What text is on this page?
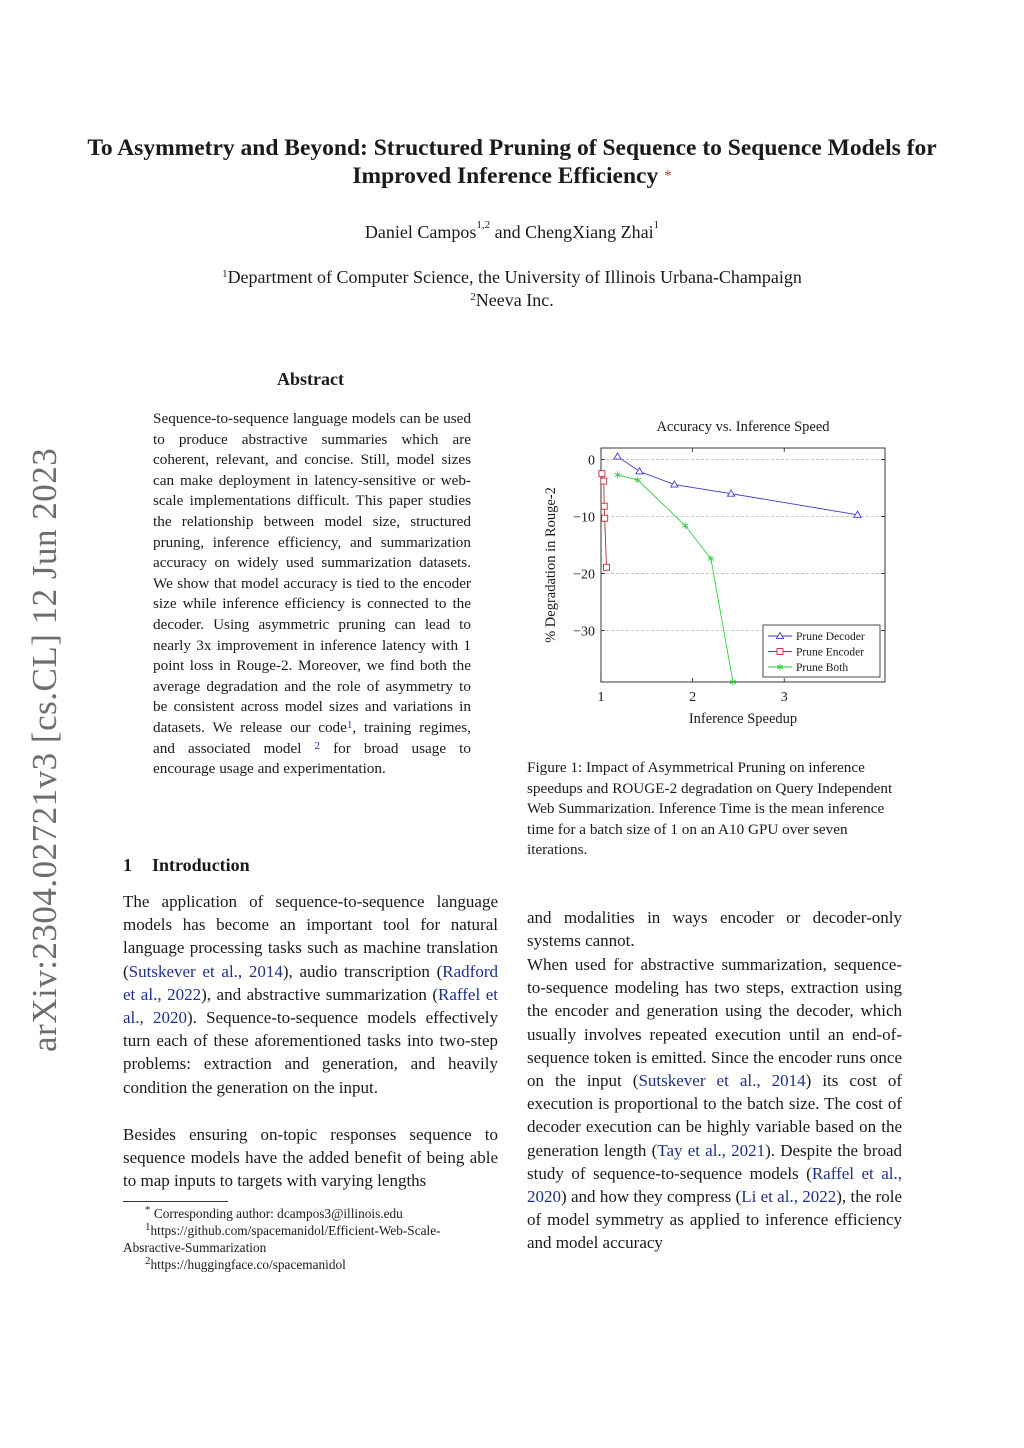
To Asymmetry and Beyond: Structured Pruning of Sequence to Sequence Models for Improved Inference Efficiency *
Daniel Campos$^{1,2}$ and ChengXiang Zhai$^1$
$^1$Department of Computer Science, the University of Illinois Urbana-Champaign
$^2$Neeva Inc.
arXiv:2304.02721v3 [cs.CL] 12 Jun 2023
Abstract
Sequence-to-sequence language models can be used to produce abstractive summaries which are coherent, relevant, and concise. Still, model sizes can make deployment in latency-sensitive or web-scale implementations difficult. This paper studies the relationship between model size, structured pruning, inference efficiency, and summarization accuracy on widely used summarization datasets. We show that model accuracy is tied to the encoder size while inference efficiency is connected to the decoder. Using asymmetric pruning can lead to nearly 3x improvement in inference latency with 1 point loss in Rouge-2. Moreover, we find both the average degradation and the role of asymmetry to be consistent across model sizes and variations in datasets. We release our code$^1$, training regimes, and associated model $^2$ for broad usage to encourage usage and experimentation.
1 Introduction
The application of sequence-to-sequence language models has become an important tool for natural language processing tasks such as machine translation (Sutskever et al., 2014), audio transcription (Radford et al., 2022), and abstractive summarization (Raffel et al., 2020). Sequence-to-sequence models effectively turn each of these aforementioned tasks into two-step problems: extraction and generation, and heavily condition the generation on the input.
Besides ensuring on-topic responses sequence to sequence models have the added benefit of being able to map inputs to targets with varying lengths
* Corresponding author: dcampos3@illinois.edu
$^1$https://github.com/spacemanidol/Efficient-Web-Scale-Absractive-Summarization
$^2$https://huggingface.co/spacemanidol
Accuracy vs. Inference Speed
% Degradation in Rouge-2
Inference Speedup
0
−10
−20
−30
1	2	3
Prune Decoder
Prune Encoder
Prune Both
Figure 1: Impact of Asymmetrical Pruning on inference speedups and ROUGE-2 degradation on Query Independent Web Summarization. Inference Time is the mean inference time for a batch size of 1 on an A10 GPU over seven iterations.
and modalities in ways encoder or decoder-only systems cannot.
When used for abstractive summarization, sequence-to-sequence modeling has two steps, extraction using the encoder and generation using the decoder, which usually involves repeated execution until an end-of-sequence token is emitted. Since the encoder runs once on the input (Sutskever et al., 2014) its cost of execution is proportional to the batch size. The cost of decoder execution can be highly variable based on the generation length (Tay et al., 2021). Despite the broad study of sequence-to-sequence models (Raffel et al., 2020) and how they compress (Li et al., 2022), the role of model symmetry as applied to inference efficiency and model accuracy
